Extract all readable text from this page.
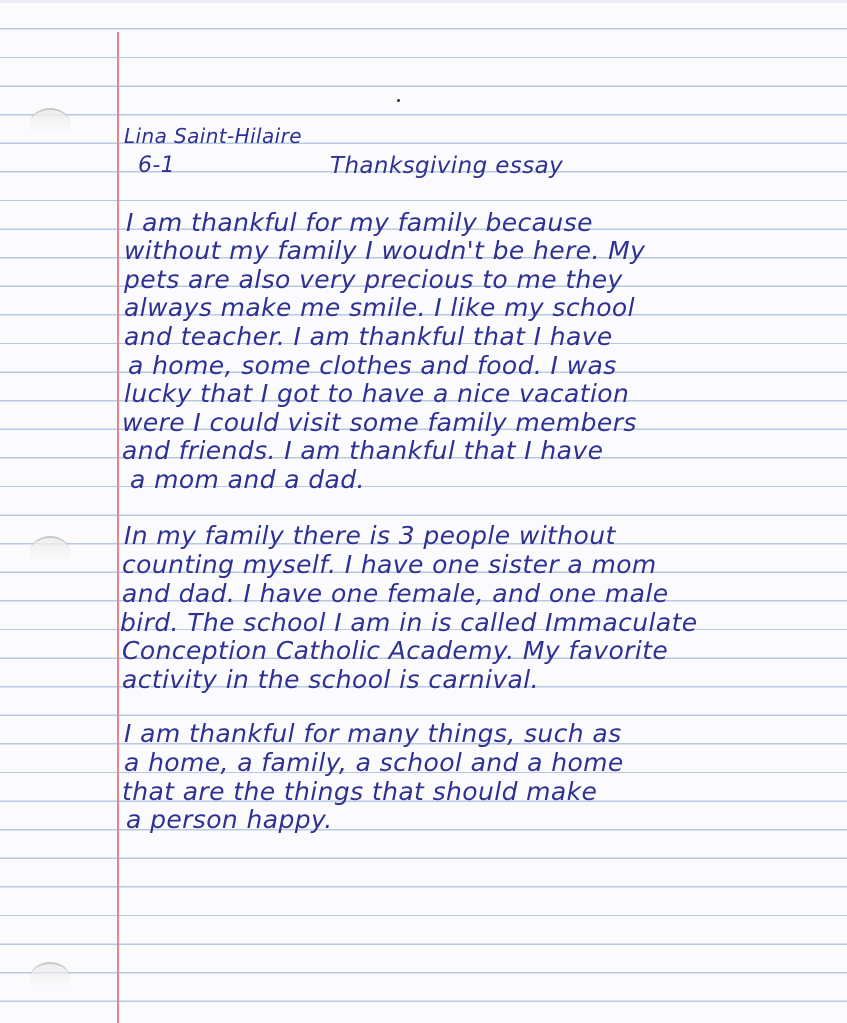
Lina Saint-Hilaire
6-1	Thanksgiving essay
I am thankful for my family because
without my family I woudn't be here. My
pets are also very precious to me they
always make me smile. I like my school
and teacher. I am thankful that I have
a home, some clothes and food. I was
lucky that I got to have a nice vacation
were I could visit some family members
and friends. I am thankful that I have
a mom and a dad.
In my family there is 3 people without
counting myself. I have one sister a mom
and dad. I have one female, and one male
bird. The school I am in is called Immaculate
Conception Catholic Academy. My favorite
activity in the school is carnival.
I am thankful for many things, such as
a home, a family, a school and a home
that are the things that should make
a person happy.
